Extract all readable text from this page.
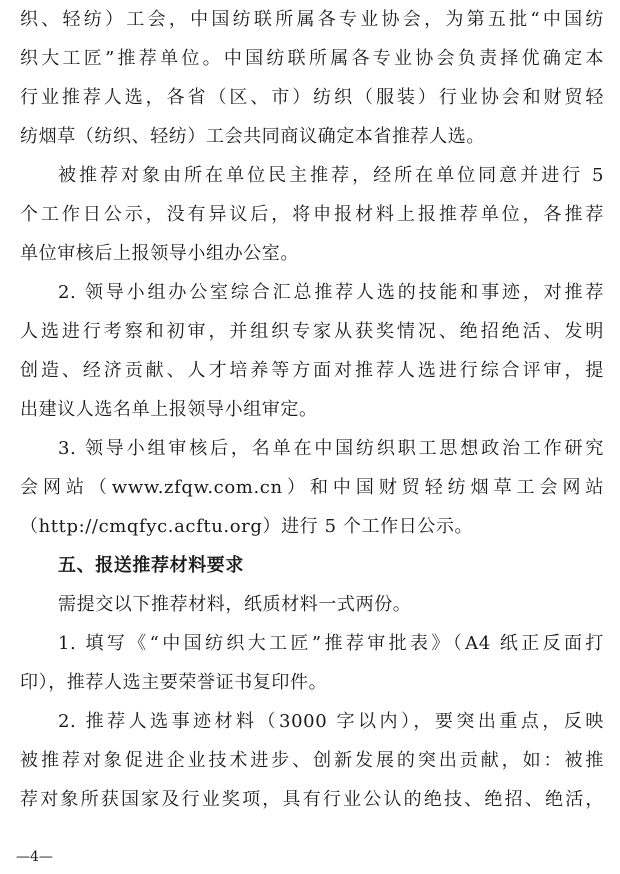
织、轻纺）工会，中国纺联所属各专业协会，为第五批“中国纺
织大工匠”推荐单位。中国纺联所属各专业协会负责择优确定本
行业推荐人选，各省（区、市）纺织（服装）行业协会和财贸轻
纺烟草（纺织、轻纺）工会共同商议确定本省推荐人选。
被推荐对象由所在单位民主推荐，经所在单位同意并进行 5
个工作日公示，没有异议后，将申报材料上报推荐单位，各推荐
单位审核后上报领导小组办公室。
2. 领导小组办公室综合汇总推荐人选的技能和事迹，对推荐
人选进行考察和初审，并组织专家从获奖情况、绝招绝活、发明
创造、经济贡献、人才培养等方面对推荐人选进行综合评审，提
出建议人选名单上报领导小组审定。
3. 领导小组审核后，名单在中国纺织职工思想政治工作研究
会网站（www.zfqw.com.cn）和中国财贸轻纺烟草工会网站
（http://cmqfyc.acftu.org）进行 5 个工作日公示。
五、报送推荐材料要求
需提交以下推荐材料，纸质材料一式两份。
1. 填写《“中国纺织大工匠”推荐审批表》（A4 纸正反面打
印），推荐人选主要荣誉证书复印件。
2. 推荐人选事迹材料（3000 字以内），要突出重点，反映
被推荐对象促进企业技术进步、创新发展的突出贡献，如：被推
荐对象所获国家及行业奖项，具有行业公认的绝技、绝招、绝活，
—4—
